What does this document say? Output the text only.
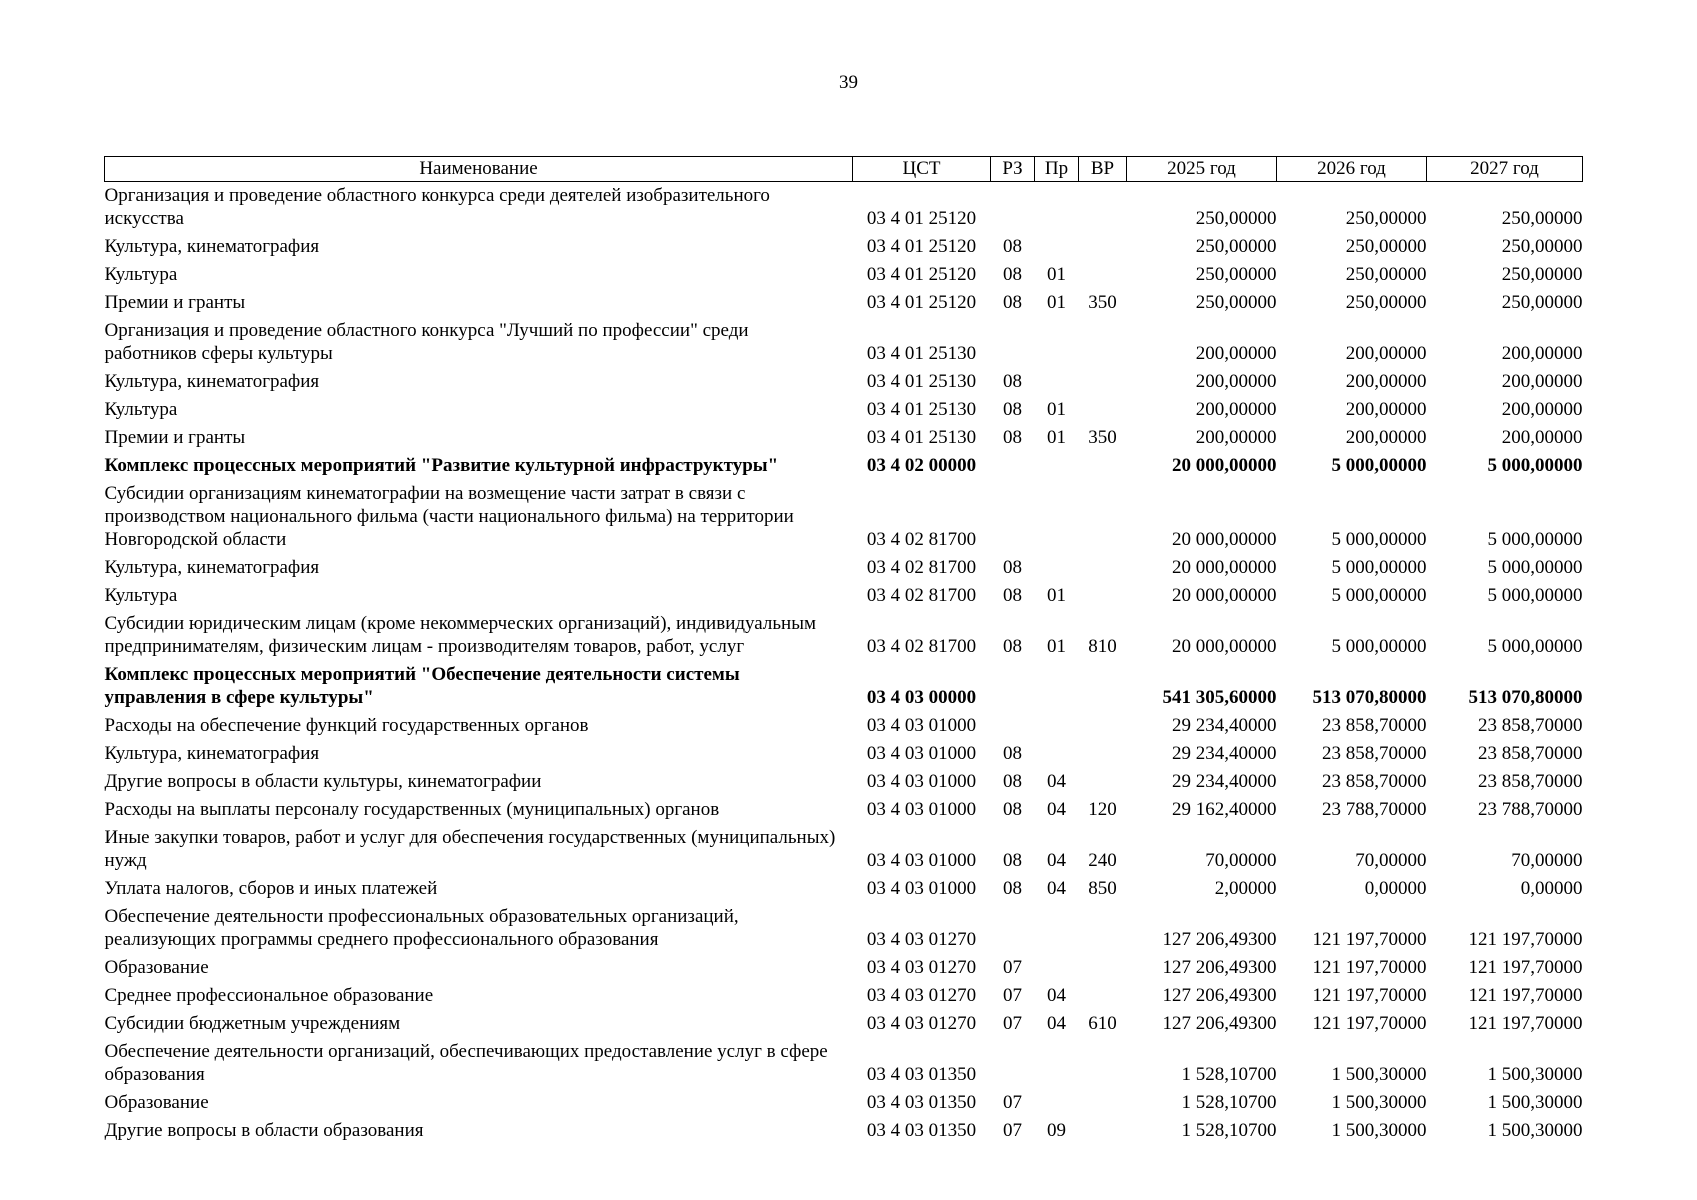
39
Наименование	ЦСТ	РЗ	Пр	ВР	2025 год	2026 год	2027 год
Организация и проведение областного конкурса среди деятелей изобразительного искусства	03 4 01 25120				250,00000	250,00000	250,00000
Культура, кинематография	03 4 01 25120	08			250,00000	250,00000	250,00000
Культура	03 4 01 25120	08	01		250,00000	250,00000	250,00000
Премии и гранты	03 4 01 25120	08	01	350	250,00000	250,00000	250,00000
Организация и проведение областного конкурса "Лучший по профессии" среди работников сферы культуры	03 4 01 25130				200,00000	200,00000	200,00000
Культура, кинематография	03 4 01 25130	08			200,00000	200,00000	200,00000
Культура	03 4 01 25130	08	01		200,00000	200,00000	200,00000
Премии и гранты	03 4 01 25130	08	01	350	200,00000	200,00000	200,00000
Комплекс процессных мероприятий "Развитие культурной инфраструктуры"	03 4 02 00000				20 000,00000	5 000,00000	5 000,00000
Субсидии организациям кинематографии на возмещение части затрат в связи с производством национального фильма (части национального фильма) на территории Новгородской области	03 4 02 81700				20 000,00000	5 000,00000	5 000,00000
Культура, кинематография	03 4 02 81700	08			20 000,00000	5 000,00000	5 000,00000
Культура	03 4 02 81700	08	01		20 000,00000	5 000,00000	5 000,00000
Субсидии юридическим лицам (кроме некоммерческих организаций), индивидуальным предпринимателям, физическим лицам - производителям товаров, работ, услуг	03 4 02 81700	08	01	810	20 000,00000	5 000,00000	5 000,00000
Комплекс процессных мероприятий "Обеспечение деятельности системы управления в сфере культуры"	03 4 03 00000				541 305,60000	513 070,80000	513 070,80000
Расходы на обеспечение функций государственных органов	03 4 03 01000				29 234,40000	23 858,70000	23 858,70000
Культура, кинематография	03 4 03 01000	08			29 234,40000	23 858,70000	23 858,70000
Другие вопросы в области культуры, кинематографии	03 4 03 01000	08	04		29 234,40000	23 858,70000	23 858,70000
Расходы на выплаты персоналу государственных (муниципальных) органов	03 4 03 01000	08	04	120	29 162,40000	23 788,70000	23 788,70000
Иные закупки товаров, работ и услуг для обеспечения государственных (муниципальных) нужд	03 4 03 01000	08	04	240	70,00000	70,00000	70,00000
Уплата налогов, сборов и иных платежей	03 4 03 01000	08	04	850	2,00000	0,00000	0,00000
Обеспечение деятельности профессиональных образовательных организаций, реализующих программы среднего профессионального образования	03 4 03 01270				127 206,49300	121 197,70000	121 197,70000
Образование	03 4 03 01270	07			127 206,49300	121 197,70000	121 197,70000
Среднее профессиональное образование	03 4 03 01270	07	04		127 206,49300	121 197,70000	121 197,70000
Субсидии бюджетным учреждениям	03 4 03 01270	07	04	610	127 206,49300	121 197,70000	121 197,70000
Обеспечение деятельности организаций, обеспечивающих предоставление услуг в сфере образования	03 4 03 01350				1 528,10700	1 500,30000	1 500,30000
Образование	03 4 03 01350	07			1 528,10700	1 500,30000	1 500,30000
Другие вопросы в области образования	03 4 03 01350	07	09		1 528,10700	1 500,30000	1 500,30000
